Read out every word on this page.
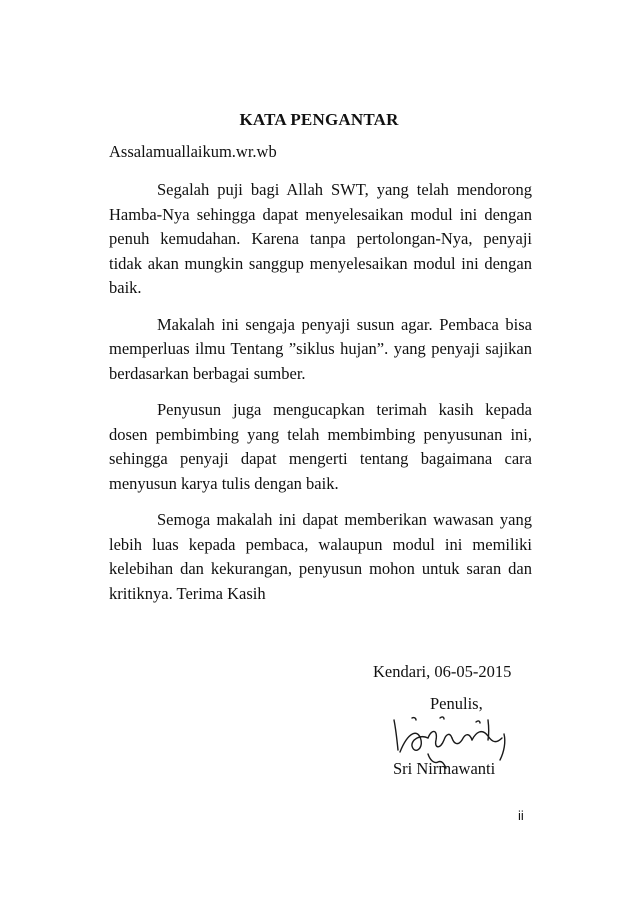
KATA PENGANTAR
Assalamuallaikum.wr.wb

Segalah puji bagi Allah SWT, yang telah mendorong Hamba-Nya sehingga dapat menyelesaikan modul ini dengan penuh kemudahan. Karena tanpa pertolongan-Nya, penyaji tidak akan mungkin sanggup menyelesaikan modul ini dengan baik.

Makalah ini sengaja penyaji susun agar. Pembaca bisa memperluas ilmu Tentang ”siklus hujan”. yang penyaji sajikan berdasarkan berbagai sumber.

Penyusun juga mengucapkan terimah kasih kepada dosen pembimbing yang telah membimbing penyusunan ini, sehingga penyaji dapat mengerti tentang bagaimana cara menyusun karya tulis dengan baik.

Semoga makalah ini dapat memberikan wawasan yang lebih luas kepada pembaca, walaupun modul ini memiliki kelebihan dan kekurangan, penyusun mohon untuk saran dan kritiknya. Terima Kasih

Kendari, 06-05-2015
Penulis,
Sri Nirmawanti
ii
